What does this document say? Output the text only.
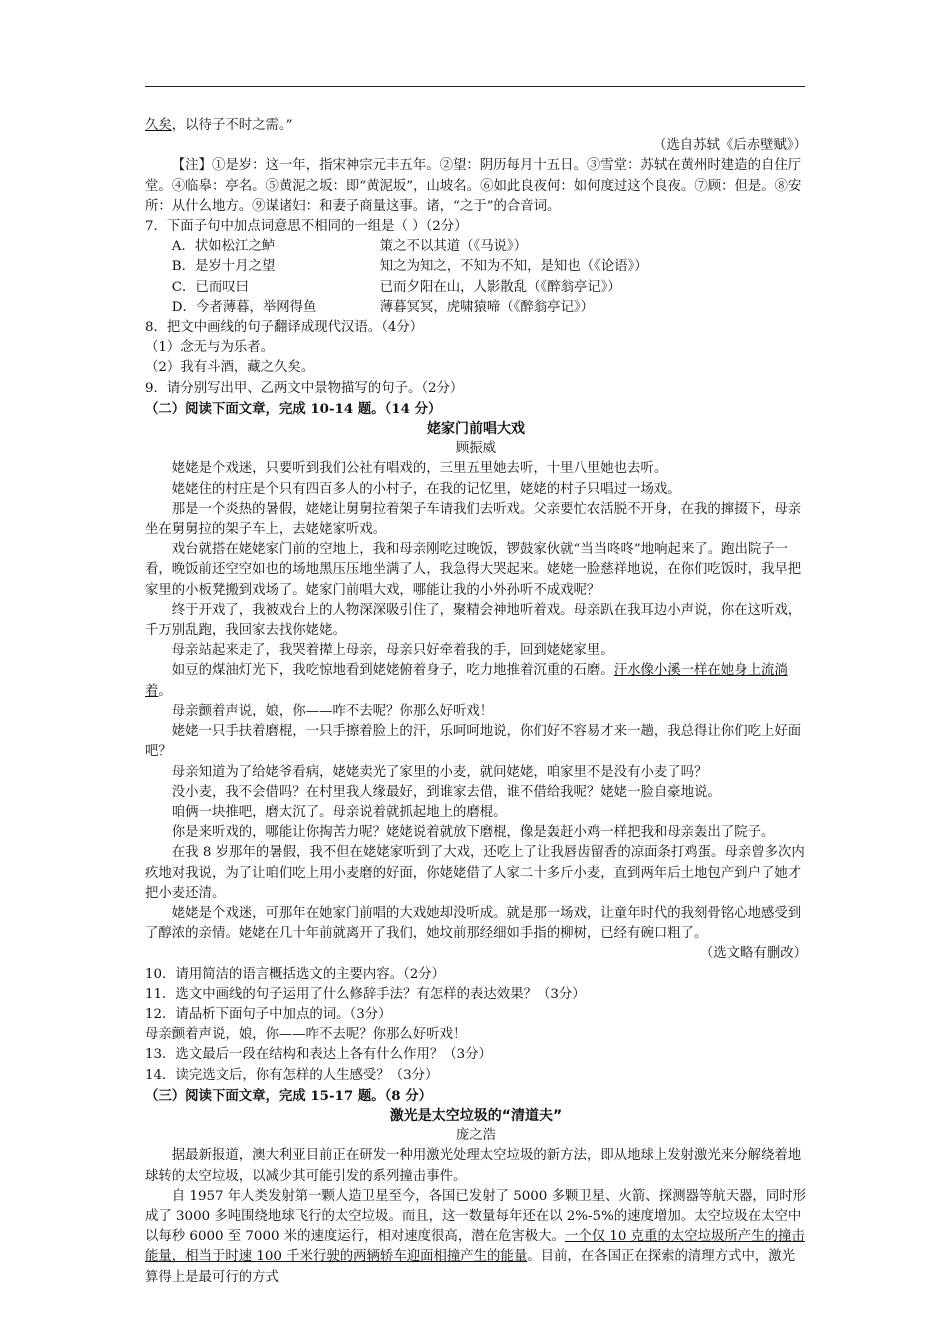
久矣，以待子不时之需。”

（选自苏轼《后赤壁赋》）

【注】①是岁：这一年，指宋神宗元丰五年。②望：阴历每月十五日。③雪堂：苏轼在黄州时建造的自住厅堂。④临皋：亭名。⑤黄泥之坂：即“黄泥坂”，山坡名。⑥如此良夜何：如何度过这个良夜。⑦顾：但是。⑧安所：从什么地方。⑨谋诸妇：和妻子商量这事。诸，“之于”的合音词。

7．下面子句中加点词意思不相同的一组是（ ）（2分）

A．状如松江之鲈	策之不以其道（《马说》）
B．是岁十月之望	知之为知之，不知为不知，是知也（《论语》）
C．已而叹曰	已而夕阳在山，人影散乱（《醉翁亭记》）
D．今者薄暮，举网得鱼	薄暮冥冥，虎啸猿啼（《醉翁亭记》）

8．把文中画线的句子翻译成现代汉语。（4分）

（1）念无与为乐者。

（2）我有斗酒，藏之久矣。

9．请分别写出甲、乙两文中景物描写的句子。（2分）

（二）阅读下面文章，完成 10-14 题。（14 分）

姥家门前唱大戏

顾振威

姥姥是个戏迷，只要听到我们公社有唱戏的，三里五里她去听，十里八里她也去听。

姥姥住的村庄是个只有四百多人的小村子，在我的记忆里，姥姥的村子只唱过一场戏。

那是一个炎热的暑假，姥姥让舅舅拉着架子车请我们去听戏。父亲要忙农活脱不开身，在我的撺掇下，母亲坐在舅舅拉的架子车上，去姥姥家听戏。

戏台就搭在姥姥家门前的空地上，我和母亲刚吃过晚饭，锣鼓家伙就“当当咚咚”地响起来了。跑出院子一看，晚饭前还空空如也的场地黑压压地坐满了人，我急得大哭起来。姥姥一脸慈祥地说，在你们吃饭时，我早把家里的小板凳搬到戏场了。姥家门前唱大戏，哪能让我的小外孙听不成戏呢？

终于开戏了，我被戏台上的人物深深吸引住了，聚精会神地听着戏。母亲趴在我耳边小声说，你在这听戏，千万别乱跑，我回家去找你姥姥。

母亲站起来走了，我哭着撵上母亲，母亲只好牵着我的手，回到姥姥家里。

如豆的煤油灯光下，我吃惊地看到姥姥俯着身子，吃力地推着沉重的石磨。汗水像小溪一样在她身上流淌着。

母亲颤着声说，娘，你——咋不去呢？你那么好听戏！

姥姥一只手扶着磨棍，一只手擦着脸上的汗，乐呵呵地说，你们好不容易才来一趟，我总得让你们吃上好面吧？

母亲知道为了给姥爷看病，姥姥卖光了家里的小麦，就问姥姥，咱家里不是没有小麦了吗？

没小麦，我不会借吗？在村里我人缘最好，到谁家去借，谁不借给我呢？姥姥一脸自豪地说。

咱俩一块推吧，磨太沉了。母亲说着就抓起地上的磨棍。

你是来听戏的，哪能让你掏苦力呢？姥姥说着就放下磨棍，像是轰赶小鸡一样把我和母亲轰出了院子。

在我 8 岁那年的暑假，我不但在姥姥家听到了大戏，还吃上了让我唇齿留香的凉面条打鸡蛋。母亲曾多次内疚地对我说，为了让咱们吃上用小麦磨的好面，你姥姥借了人家二十多斤小麦，直到两年后土地包产到户了她才把小麦还清。

姥姥是个戏迷，可那年在她家门前唱的大戏她却没听成。就是那一场戏，让童年时代的我刻骨铭心地感受到了醇浓的亲情。姥姥在几十年前就离开了我们，她坟前那经细如手指的柳树，已经有碗口粗了。

（选文略有删改）

10．请用简洁的语言概括选文的主要内容。（2分）

11．选文中画线的句子运用了什么修辞手法？有怎样的表达效果？（3分）

12．请品析下面句子中加点的词。（3分）

母亲颤着声说，娘，你——咋不去呢？你那么好听戏！

13．选文最后一段在结构和表达上各有什么作用？（3分）

14．读完选文后，你有怎样的人生感受？（3分）

（三）阅读下面文章，完成 15-17 题。（8 分）

激光是太空垃圾的“清道夫”

庞之浩

据最新报道，澳大利亚目前正在研发一种用激光处理太空垃圾的新方法，即从地球上发射激光来分解绕着地球转的太空垃圾，以减少其可能引发的系列撞击事件。

自 1957 年人类发射第一颗人造卫星至今，各国已发射了 5000 多颗卫星、火箭、探测器等航天器，同时形成了 3000 多吨围绕地球飞行的太空垃圾。而且，这一数量每年还在以 2%-5%的速度增加。太空垃圾在太空中以每秒 6000 至 7000 米的速度运行，相对速度很高，潜在危害极大。一个仅 10 克重的太空垃圾所产生的撞击能量，相当于时速 100 千米行驶的两辆轿车迎面相撞产生的能量。目前，在各国正在探索的清理方式中，激光算得上是最可行的方式
